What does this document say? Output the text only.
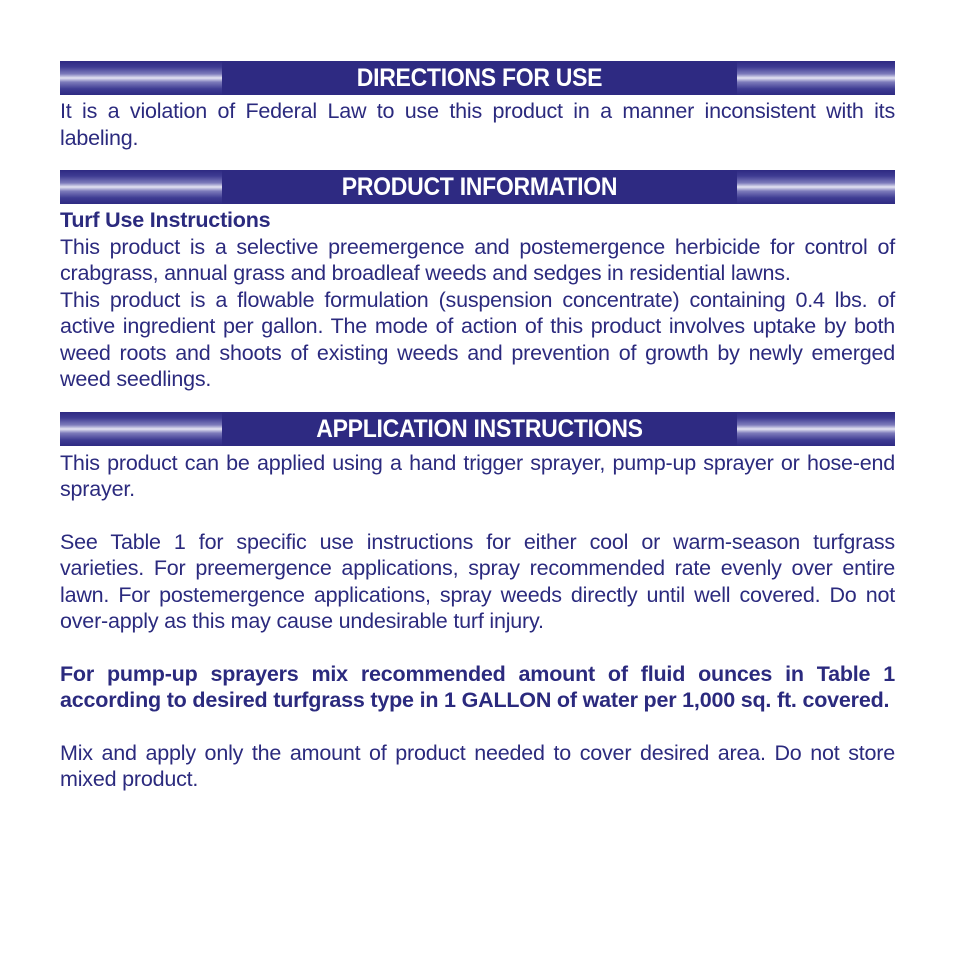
DIRECTIONS FOR USE

It is a violation of Federal Law to use this product in a manner inconsistent with its labeling.

PRODUCT INFORMATION

Turf Use Instructions

This product is a selective preemergence and postemergence herbicide for control of crabgrass, annual grass and broadleaf weeds and sedges in residential lawns.

This product is a flowable formulation (suspension concentrate) containing 0.4 lbs. of active ingredient per gallon. The mode of action of this product involves uptake by both weed roots and shoots of existing weeds and prevention of growth by newly emerged weed seedlings.

APPLICATION INSTRUCTIONS

This product can be applied using a hand trigger sprayer, pump-up sprayer or hose-end sprayer.

See Table 1 for specific use instructions for either cool or warm-season turfgrass varieties. For preemergence applications, spray recommended rate evenly over entire lawn. For postemergence applications, spray weeds directly until well covered. Do not over-apply as this may cause undesirable turf injury.

For pump-up sprayers mix recommended amount of fluid ounces in Table 1 according to desired turfgrass type in 1 GALLON of water per 1,000 sq. ft. covered.

Mix and apply only the amount of product needed to cover desired area. Do not store mixed product.
